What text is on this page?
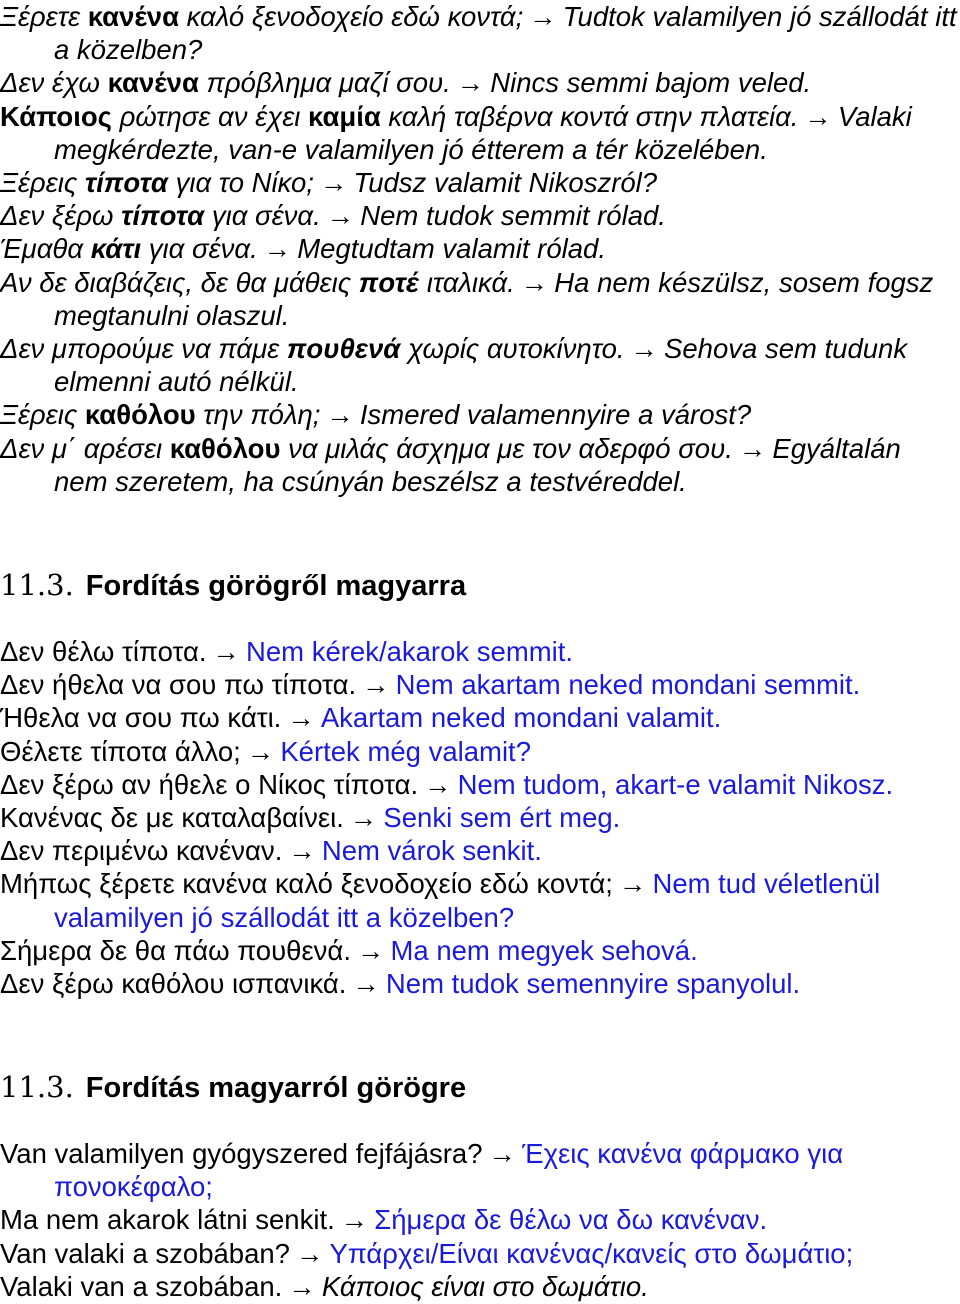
Ξέρετε κανένα καλό ξενοδοχείο εδώ κοντά; → Tudtok valamilyen jó szállodát itt a közelben?

Δεν έχω κανένα πρόβλημα μαζί σου. → Nincs semmi bajom veled.

Κάποιος ρώτησε αν έχει καμία καλή ταβέρνα κοντά στην πλατεία. → Valaki megkérdezte, van-e valamilyen jó étterem a tér közelében.

Ξέρεις τίποτα για το Νίκο; → Tudsz valamit Nikoszról?

Δεν ξέρω τίποτα για σένα. → Nem tudok semmit rólad.

Έμαθα κάτι για σένα. → Megtudtam valamit rólad.

Αν δε διαβάζεις, δε θα μάθεις ποτέ ιταλικά. → Ha nem készülsz, sosem fogsz megtanulni olaszul.

Δεν μπορούμε να πάμε πουθενά χωρίς αυτοκίνητο. → Sehova sem tudunk elmenni autó nélkül.

Ξέρεις καθόλου την πόλη; → Ismered valamennyire a várost?

Δεν μ΄ αρέσει καθόλου να μιλάς άσχημα με τον αδερφό σου. → Egyáltalán nem szeretem, ha csúnyán beszélsz a testvéreddel.

11.3. Fordítás görögről magyarra

Δεν θέλω τίποτα. → Nem kérek/akarok semmit.

Δεν ήθελα να σου πω τίποτα. → Nem akartam neked mondani semmit.

Ήθελα να σου πω κάτι. → Akartam neked mondani valamit.

Θέλετε τίποτα άλλο; → Kértek még valamit?

Δεν ξέρω αν ήθελε ο Νίκος τίποτα. → Nem tudom, akart-e valamit Nikosz.

Κανένας δε με καταλαβαίνει. → Senki sem ért meg.

Δεν περιμένω κανέναν. → Nem várok senkit.

Μήπως ξέρετε κανένα καλό ξενοδοχείο εδώ κοντά; → Nem tud véletlenül valamilyen jó szállodát itt a közelben?

Σήμερα δε θα πάω πουθενά. → Ma nem megyek sehová.

Δεν ξέρω καθόλου ισπανικά. → Nem tudok semennyire spanyolul.

11.3. Fordítás magyarról görögre

Van valamilyen gyógyszered fejfájásra? → Έχεις κανένα φάρμακο για πονοκέφαλο;

Ma nem akarok látni senkit. → Σήμερα δε θέλω να δω κανέναν.

Van valaki a szobában? → Υπάρχει/Είναι κανένας/κανείς στο δωμάτιο;

Valaki van a szobában. → Κάποιος είναι στο δωμάτιο.
